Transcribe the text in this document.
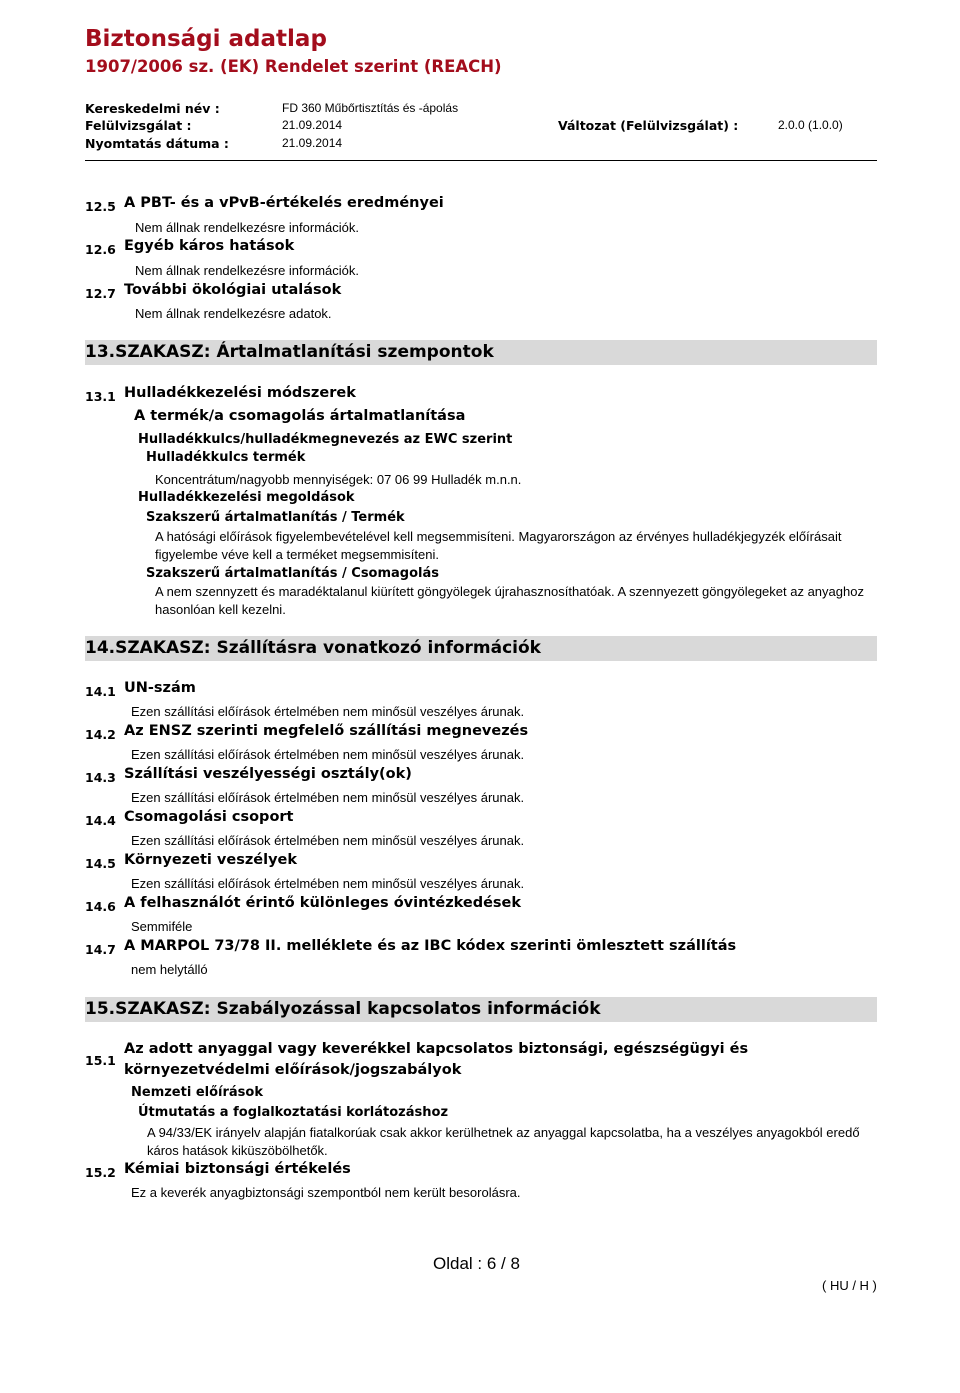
Biztonsági adatlap
1907/2006 sz. (EK) Rendelet szerint (REACH)
Kereskedelmi név :	FD 360 Műbőrtisztítás és -ápolás
Felülvizsgálat :	21.09.2014	Változat (Felülvizsgálat) :	2.0.0 (1.0.0)
Nyomtatás dátuma :	21.09.2014
12.5 A PBT- és a vPvB-értékelés eredményei
Nem állnak rendelkezésre információk.
12.6 Egyéb káros hatások
Nem állnak rendelkezésre információk.
12.7 További ökológiai utalások
Nem állnak rendelkezésre adatok.
13.SZAKASZ: Ártalmatlanítási szempontok
13.1 Hulladékkezelési módszerek
A termék/a csomagolás ártalmatlanítása
Hulladékkulcs/hulladékmegnevezés az EWC szerint
Hulladékkulcs termék
Koncentrátum/nagyobb mennyiségek: 07 06 99 Hulladék m.n.n.
Hulladékkezelési megoldások
Szakszerű ártalmatlanítás / Termék
A hatósági előírások figyelembevételével kell megsemmisíteni. Magyarországon az érvényes hulladékjegyzék előírásait figyelembe véve kell a terméket megsemmisíteni.
Szakszerű ártalmatlanítás / Csomagolás
A nem szennyzett és maradéktalanul kiürített göngyölegek újrahasznosíthatóak. A szennyezett göngyölegeket az anyaghoz hasonlóan kell kezelni.
14.SZAKASZ: Szállításra vonatkozó információk
14.1 UN-szám
Ezen szállítási előírások értelmében nem minősül veszélyes árunak.
14.2 Az ENSZ szerinti megfelelő szállítási megnevezés
Ezen szállítási előírások értelmében nem minősül veszélyes árunak.
14.3 Szállítási veszélyességi osztály(ok)
Ezen szállítási előírások értelmében nem minősül veszélyes árunak.
14.4 Csomagolási csoport
Ezen szállítási előírások értelmében nem minősül veszélyes árunak.
14.5 Környezeti veszélyek
Ezen szállítási előírások értelmében nem minősül veszélyes árunak.
14.6 A felhasználót érintő különleges óvintézkedések
Semmiféle
14.7 A MARPOL 73/78 II. melléklete és az IBC kódex szerinti ömlesztett szállítás
nem helytálló
15.SZAKASZ: Szabályozással kapcsolatos információk
15.1
Az adott anyaggal vagy keverékkel kapcsolatos biztonsági, egészségügyi és
környezetvédelmi előírások/jogszabályok
Nemzeti előírások
Útmutatás a foglalkoztatási korlátozáshoz
A 94/33/EK irányelv alapján fiatalkorúak csak akkor kerülhetnek az anyaggal kapcsolatba, ha a veszélyes anyagokból eredő káros hatások kiküszöbölhetők.
15.2 Kémiai biztonsági értékelés
Ez a keverék anyagbiztonsági szempontból nem került besorolásra.
Oldal : 6 / 8
( HU / H )
